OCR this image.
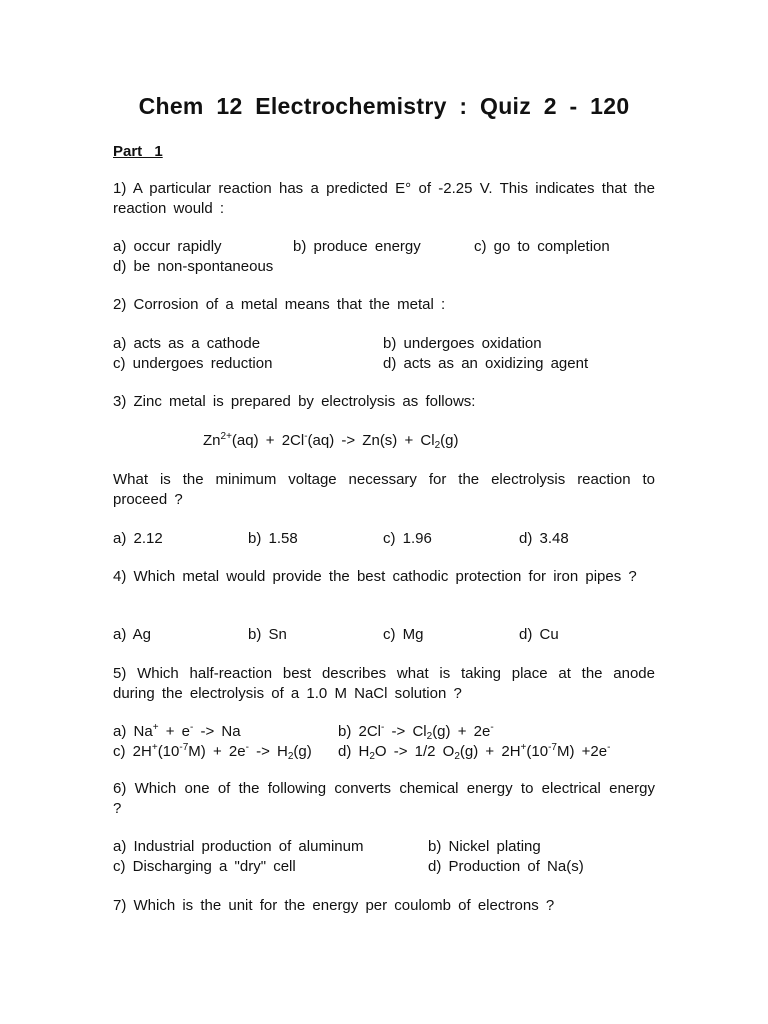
Chem 12 Electrochemistry : Quiz 2 - 120
Part 1
1) A particular reaction has a predicted E° of -2.25 V. This indicates that the reaction would :
a) occur rapidly	b) produce energy	c) go to completion
d) be non-spontaneous
2) Corrosion of a metal means that the metal :
a) acts as a cathode	b) undergoes oxidation
c) undergoes reduction	d) acts as an oxidizing agent
3) Zinc metal is prepared by electrolysis as follows:
$Zn^{2+}(aq) + 2Cl^-(aq) -> Zn(s) + Cl_2(g)$
What is the minimum voltage necessary for the electrolysis reaction to proceed ?
a) 2.12	b) 1.58	c) 1.96	d) 3.48
4) Which metal would provide the best cathodic protection for iron pipes ?
a) Ag	b) Sn	c) Mg	d) Cu
5) Which half-reaction best describes what is taking place at the anode during the electrolysis of a 1.0 M NaCl solution ?
a) Na+ + e- -> Na	b) $2Cl^- -> Cl_2(g) + 2e^-$
c) $2H^+(10^{-7}M) + 2e^- -> H_2(g)$ d) $H_2O -> 1/2$ $O_2(g) + 2H^+(10^{-7}M) +2e^-$
6) Which one of the following converts chemical energy to electrical energy ?
a) Industrial production of aluminum	b) Nickel plating
c) Discharging a "dry" cell	d) Production of Na(s)
7) Which is the unit for the energy per coulomb of electrons ?
